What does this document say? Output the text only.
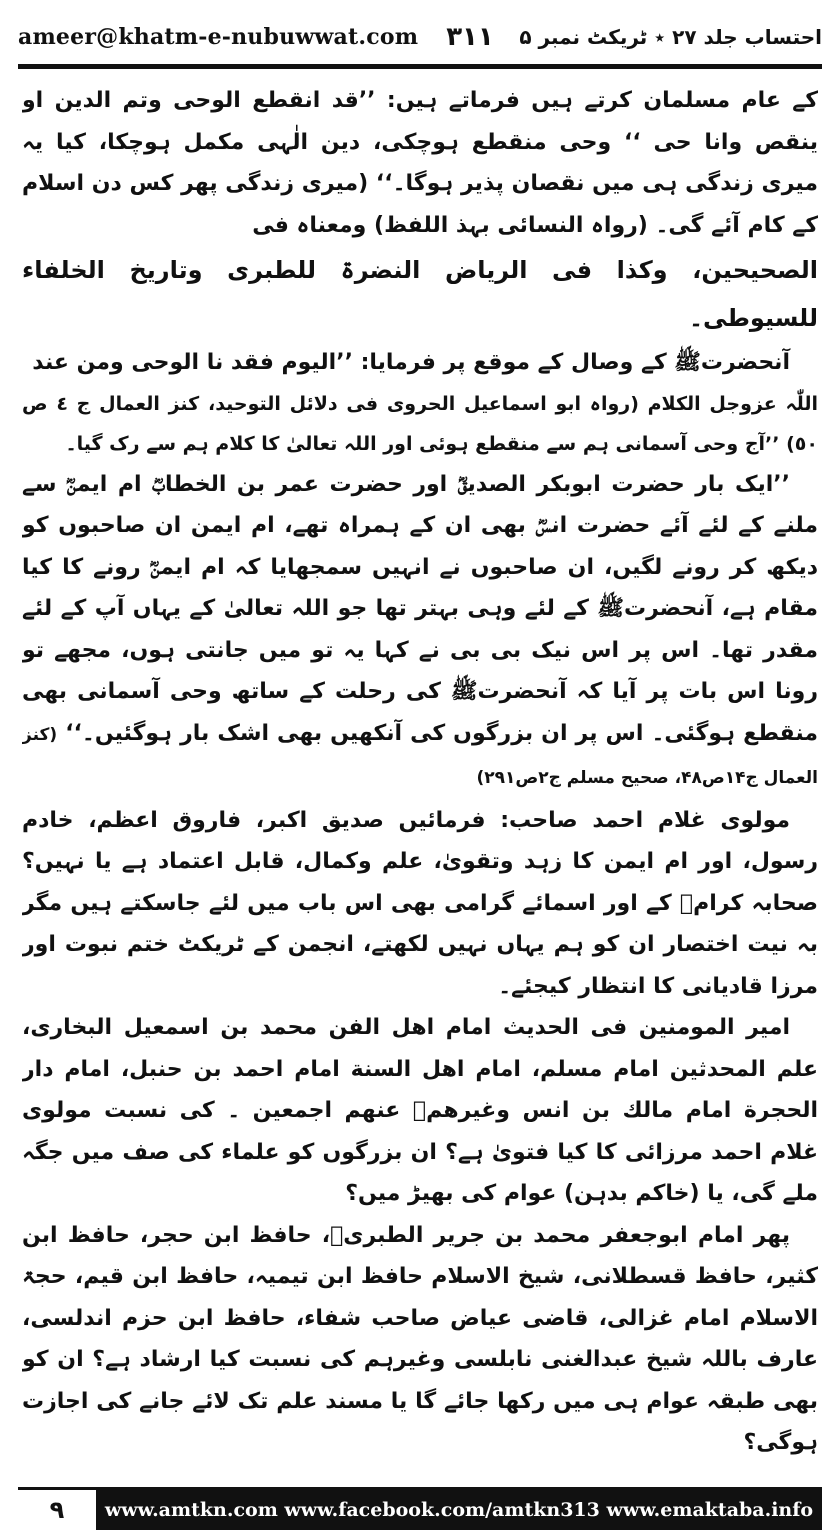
ameer@khatm-e-nubuwwat.com ۳۱۱ احتساب جلد ۲۷ ٭ ٹریکٹ نمبر ۵

کے عام مسلمان کرتے ہیں فرماتے ہیں: ’’قد انقطع الوحی وتم الدین او ینقص وانا حی ‘‘ وحی منقطع ہوچکی، دین الٰہی مکمل ہوچکا، کیا یہ میری زندگی ہی میں نقصان پذیر ہوگا۔‘‘ (میری زندگی پھر کس دن اسلام کے کام آئے گی۔ (رواہ النسائی بہذ اللفظ) ومعناہ فی

الصحیحین، وکذا فی الریاض النضرۃ للطبری وتاریخ الخلفاء للسیوطی۔

آنحضرتﷺ کے وصال کے موقع پر فرمایا: ’’الیوم فقد نا الوحی ومن عند

اللّٰہ عزوجل الکلام (رواہ ابو اسماعیل الحروی فی دلائل التوحید، کنز العمال ج ٤ ص ٥٠) ’’آج وحی آسمانی ہم سے منقطع ہوئی اور اللہ تعالیٰ کا کلام ہم سے رک گیا۔

’’ایک بار حضرت ابوبکر الصدیقؓ اور حضرت عمر بن الخطابؓ ام ایمنؓ سے ملنے کے لئے آئے حضرت انسؓ بھی ان کے ہمراہ تھے، ام ایمن ان صاحبوں کو دیکھ کر رونے لگیں، ان صاحبوں نے انہیں سمجھایا کہ ام ایمنؓ رونے کا کیا مقام ہے، آنحضرتﷺ کے لئے وہی بہتر تھا جو اللہ تعالیٰ کے یہاں آپ کے لئے مقدر تھا۔ اس پر اس نیک بی بی نے کہا یہ تو میں جانتی ہوں، مجھے تو رونا اس بات پر آیا کہ آنحضرتﷺ کی رحلت کے ساتھ وحی آسمانی بھی منقطع ہوگئی۔ اس پر ان بزرگوں کی آنکھیں بھی اشک بار ہوگئیں۔‘‘ (کنز العمال ج۱۴ص۴۸، صحیح مسلم ج۲ص۲۹۱)

مولوی غلام احمد صاحب: فرمائیں صدیق اکبر، فاروق اعظم، خادم رسول، اور ام ایمن کا زہد وتقویٰ، علم وکمال، قابل اعتماد ہے یا نہیں؟ صحابہ کرامؓ کے اور اسمائے گرامی بھی اس باب میں لئے جاسکتے ہیں مگر بہ نیت اختصار ان کو ہم یہاں نہیں لکھتے، انجمن کے ٹریکٹ ختم نبوت اور مرزا قادیانی کا انتظار کیجئے۔

امیر المومنین فی الحدیث امام اهل الفن محمد بن اسمعیل البخاری، علم المحدثین امام مسلم، امام اهل السنة امام احمد بن حنبل، امام دار الحجرة امام مالك بن انس وغیرهمؓ عنهم اجمعین ۔ کی نسبت مولوی غلام احمد مرزائی کا کیا فتویٰ ہے؟ ان بزرگوں کو علماء کی صف میں جگہ ملے گی، یا (خاکم بدہن) عوام کی بھیڑ میں؟

پھر امام ابوجعفر محمد بن جریر الطبریؒ، حافظ ابن حجر، حافظ ابن کثیر، حافظ قسطلانی، شیخ الاسلام حافظ ابن تیمیہ، حافظ ابن قیم، حجۃ الاسلام امام غزالی، قاضی عیاض صاحب شفاء، حافظ ابن حزم اندلسی، عارف باللہ شیخ عبدالغنی نابلسی وغیرہم کی نسبت کیا ارشاد ہے؟ ان کو بھی طبقہ عوام ہی میں رکھا جائے گا یا مسند علم تک لائے جانے کی اجازت ہوگی؟

۹	www.amtkn.com www.facebook.com/amtkn313 www.emaktaba.info
